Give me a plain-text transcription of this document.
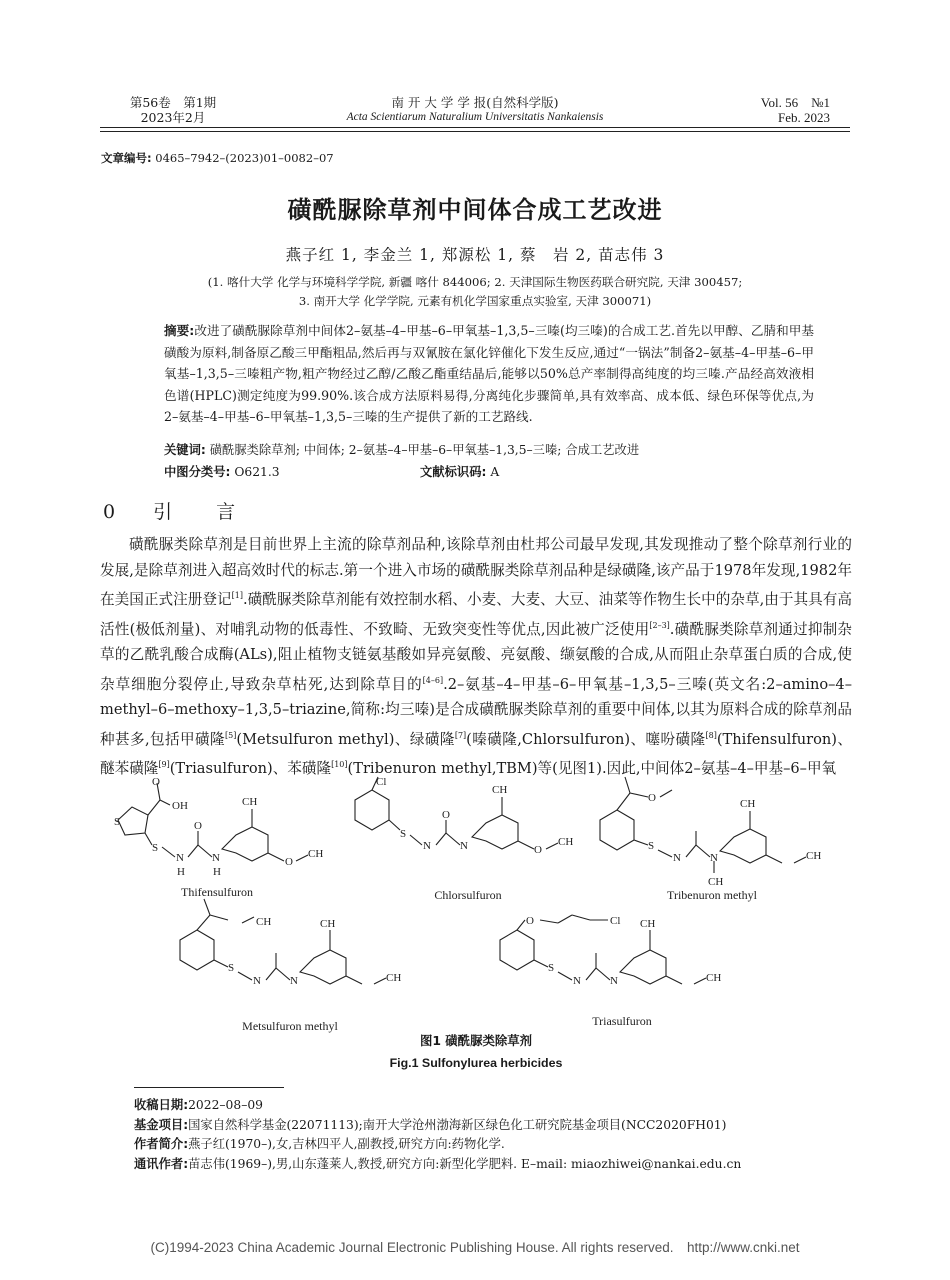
第56卷　第1期
2023年2月
南 开 大 学 学 报(自然科学版)
Acta Scientiarum Naturalium Universitatis Nankaiensis
Vol. 56　№1
Feb. 2023
文章编号: 0465–7942–(2023)01–0082–07
磺酰脲除草剂中间体合成工艺改进
燕子红 1, 李金兰 1, 郑源松 1, 蔡　岩 2, 苗志伟 3
(1. 喀什大学 化学与环境科学学院, 新疆 喀什 844006; 2. 天津国际生物医药联合研究院, 天津 300457;
3. 南开大学 化学学院, 元素有机化学国家重点实验室, 天津 300071)
摘要:改进了磺酰脲除草剂中间体2–氨基–4–甲基–6–甲氧基–1,3,5–三嗪(均三嗪)的合成工艺.首先以甲醇、乙腈和甲基磺酸为原料,制备原乙酸三甲酯粗品,然后再与双氰胺在氯化锌催化下发生反应,通过“一锅法”制备2–氨基–4–甲基–6–甲氧基–1,3,5–三嗪粗产物,粗产物经过乙醇/乙酸乙酯重结晶后,能够以50%总产率制得高纯度的均三嗪.产品经高效液相色谱(HPLC)测定纯度为99.90%.该合成方法原料易得,分离纯化步骤简单,具有效率高、成本低、绿色环保等优点,为2–氨基–4–甲基–6–甲氧基–1,3,5–三嗪的生产提供了新的工艺路线.
关键词: 磺酰脲类除草剂; 中间体; 2–氨基–4–甲基–6–甲氧基–1,3,5–三嗪; 合成工艺改进
中图分类号: O621.3	文献标识码: A
0 引　　言

磺酰脲类除草剂是目前世界上主流的除草剂品种,该除草剂由杜邦公司最早发现,其发现推动了整个除草剂行业的发展,是除草剂进入超高效时代的标志.第一个进入市场的磺酰脲类除草剂品种是绿磺隆,该产品于1978年发现,1982年在美国正式注册登记[1].磺酰脲类除草剂能有效控制水稻、小麦、大麦、大豆、油菜等作物生长中的杂草,由于其具有高活性(极低剂量)、对哺乳动物的低毒性、不致畸、无致突变性等优点,因此被广泛使用[2–3].磺酰脲类除草剂通过抑制杂草的乙酰乳酸合成酶(ALs),阻止植物支链氨基酸如异亮氨酸、亮氨酸、缬氨酸的合成,从而阻止杂草蛋白质的合成,使杂草细胞分裂停止,导致杂草枯死,达到除草目的[4–6].2–氨基–4–甲基–6–甲氧基–1,3,5–三嗪(英文名:2–amino–4–methyl–6–methoxy–1,3,5–triazine,简称:均三嗪)是合成磺酰脲类除草剂的重要中间体,以其为原料合成的除草剂品种甚多,包括甲磺隆[5](Metsulfuron methyl)、绿磺隆[7](嗪磺隆,Chlorsulfuron)、噻吩磺隆[8](Thifensulfuron)、醚苯磺隆[9](Triasulfuron)、苯磺隆[10](Tribenuron methyl,TBM)等(见图1).因此,中间体2–氨基–4–甲基–6–甲氧

S
O
OH
S
N
H
O
N
H
CH
O
CH
Cl
S
N
O
N
CH
O
CH
O
S
N	N
CH
CH
CH
S
N	N
CH
CH
CH	O	Cl
S
N	N
CH
CH
Thifensulfuron	Chlorsulfuron	Tribenuron methyl
Metsulfuron methyl	Triasulfuron
图1 磺酰脲类除草剂
Fig.1 Sulfonylurea herbicides
收稿日期:2022–08–09
基金项目:国家自然科学基金(22071113);南开大学沧州渤海新区绿色化工研究院基金项目(NCC2020FH01)
作者简介:燕子红(1970–),女,吉林四平人,副教授,研究方向:药物化学.
通讯作者:苗志伟(1969–),男,山东蓬莱人,教授,研究方向:新型化学肥料. E–mail: miaozhiwei@nankai.edu.cn
(C)1994-2023 China Academic Journal Electronic Publishing House. All rights reserved.　http://www.cnki.net
